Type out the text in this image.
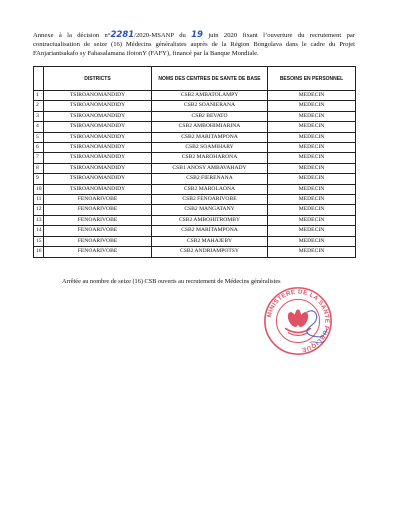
Annexe à la décision n°2281/2020-MSANP du 19 juin 2020 fixant l’ouverture du recrutement par contractualisation de seize (16) Médecins généralistes auprès de la Région Bongolava dans le cadre du Projet FAnjariantsakafo sy Fahasalamana ifotonY (FAFY), financé par la Banque Mondiale.

	DISTRICTS	NOMS DES CENTRES DE SANTE DE BASE	BESOINS EN PERSONNEL
1	TSIROANOMANDIDY	CSB2 AMBATOLAMPY	MEDECIN
2	TSIROANOMANDIDY	CSB2 SOANIERANA	MEDECIN
3	TSIROANOMANDIDY	CSB2 BEVATO	MEDECIN
4	TSIROANOMANDIDY	CSB2 AMBOHIMIARINA	MEDECIN
5	TSIROANOMANDIDY	CSB2 MARITAMPONA	MEDECIN
6	TSIROANOMANDIDY	CSB2 SOAMIHARY	MEDECIN
7	TSIROANOMANDIDY	CSB2 MAROHARONA	MEDECIN
8	TSIROANOMANDIDY	CSB1 ANOSY AMBAVAHADY	MEDECIN
9	TSIROANOMANDIDY	CSB2 FIERENANA	MEDECIN
10	TSIROANOMANDIDY	CSB2 MAROLAONA	MEDECIN
11	FENOARIVOBE	CSB2 FENOARIVOBE	MEDECIN
12	FENOARIVOBE	CSB2 MANGATANY	MEDECIN
13	FENOARIVOBE	CSB2 AMBOHITROMBY	MEDECIN
14	FENOARIVOBE	CSB2 MARITAMPONA	MEDECIN
15	FENOARIVOBE	CSB2 MAHAJEBY	MEDECIN
16	FENOARIVOBE	CSB2 ANDRIAMPOTSY	MEDECIN
Arrêtée au nombre de seize (16) CSB ouverts au recrutement de Médecins généralistes
MINISTERE DE LA SANTE PUBLIQUE
